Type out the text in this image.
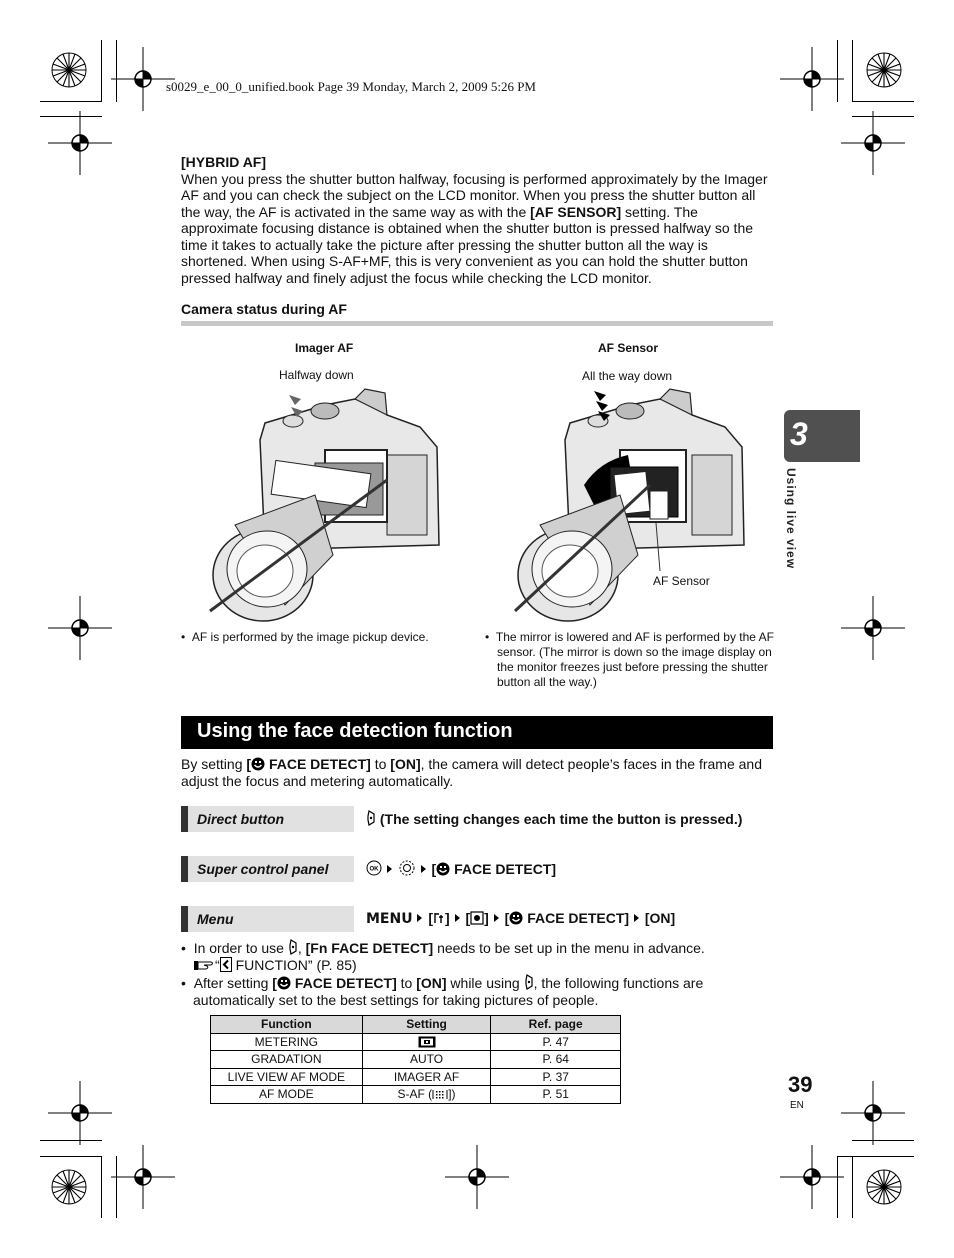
s0029_e_00_0_unified.book Page 39 Monday, March 2, 2009 5:26 PM
[HYBRID AF]
When you press the shutter button halfway, focusing is performed approximately by the Imager AF and you can check the subject on the LCD monitor. When you press the shutter button all the way, the AF is activated in the same way as with the [AF SENSOR] setting. The approximate focusing distance is obtained when the shutter button is pressed halfway so the time it takes to actually take the picture after pressing the shutter button all the way is shortened. When using S-AF+MF, this is very convenient as you can hold the shutter button pressed halfway and finely adjust the focus while checking the LCD monitor.
Camera status during AF
Imager AF	AF Sensor
Halfway down	All the way down
AF Sensor
•  AF is performed by the image pickup device.	•  The mirror is lowered and AF is performed by the AF sensor. (The mirror is down so the image display on the monitor freezes just before pressing the shutter button all the way.)
Using the face detection function
By setting [ FACE DETECT] to [ON], the camera will detect people’s faces in the frame and adjust the focus and metering automatically.
Direct button	(The setting changes each time the button is pressed.)
Super control panel	OK	[ FACE DETECT]
Menu	MENU  [ ]  [ ]  [ FACE DETECT] [ON]
•  In order to use , [Fn FACE DETECT] needs to be set up in the menu in advance.
“ FUNCTION” (P. 85)
•  After setting [ FACE DETECT] to [ON] while using , the following functions are automatically set to the best settings for taking pictures of people.
Function	Setting	Ref. page
METERING		P. 47
GRADATION	AUTO	P. 64
LIVE VIEW AF MODE	IMAGER AF	P. 37
AF MODE	S-AF ( ])	P. 51
3
Using live view
39
EN
